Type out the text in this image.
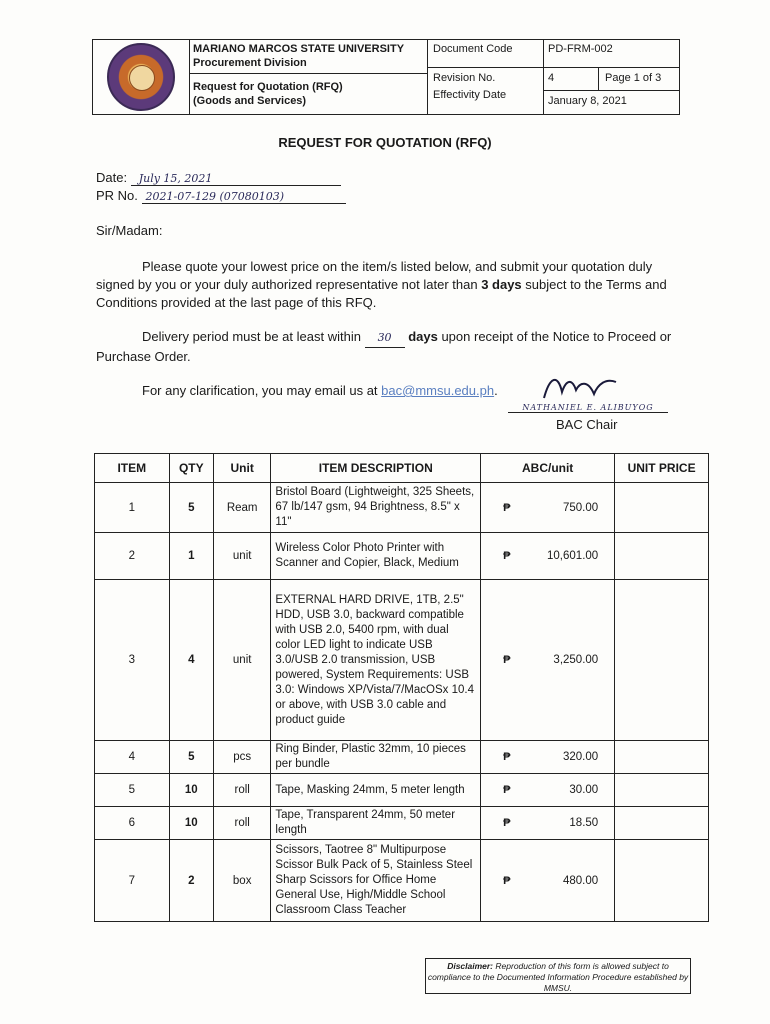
MARIANO MARCOS STATE UNIVERSITY
Procurement Division
Request for Quotation (RFQ)
(Goods and Services)
Document Code	PD-FRM-002
Revision No.	4	Page 1 of 3
Effectivity Date	January 8, 2021
REQUEST FOR QUOTATION (RFQ)
Date: July 15, 2021
PR No. 2021-07-129 (07080103)
Sir/Madam:
Please quote your lowest price on the item/s listed below, and submit your quotation duly signed by you or your duly authorized representative not later than 3 days subject to the Terms and Conditions provided at the last page of this RFQ.
Delivery period must be at least within 30 days upon receipt of the Notice to Proceed or Purchase Order.
For any clarification, you may email us at bac@mmsu.edu.ph.
NATHANIEL E. ALIBUYOG
BAC Chair
ITEM	QTY	Unit	ITEM DESCRIPTION	ABC/unit	UNIT PRICE
1	5	Ream	Bristol Board (Lightweight, 325 Sheets, 67 lb/147 gsm, 94 Brightness, 8.5" x 11"	₱ 750.00	
2	1	unit	Wireless Color Photo Printer with Scanner and Copier, Black, Medium	₱ 10,601.00	
3	4	unit	EXTERNAL HARD DRIVE, 1TB, 2.5" HDD, USB 3.0, backward compatible with USB 2.0, 5400 rpm, with dual color LED light to indicate USB 3.0/USB 2.0 transmission, USB powered, System Requirements: USB 3.0: Windows XP/Vista/7/MacOSx 10.4 or above, with USB 3.0 cable and product guide	₱ 3,250.00	
4	5	pcs	Ring Binder, Plastic 32mm, 10 pieces per bundle	₱ 320.00	
5	10	roll	Tape, Masking 24mm, 5 meter length	₱ 30.00	
6	10	roll	Tape, Transparent 24mm, 50 meter length	₱ 18.50	
7	2	box	Scissors, Taotree 8" Multipurpose Scissor Bulk Pack of 5, Stainless Steel Sharp Scissors for Office Home General Use, High/Middle School Classroom Class Teacher	₱ 480.00	
Disclaimer: Reproduction of this form is allowed subject to compliance to the Documented Information Procedure established by MMSU.
